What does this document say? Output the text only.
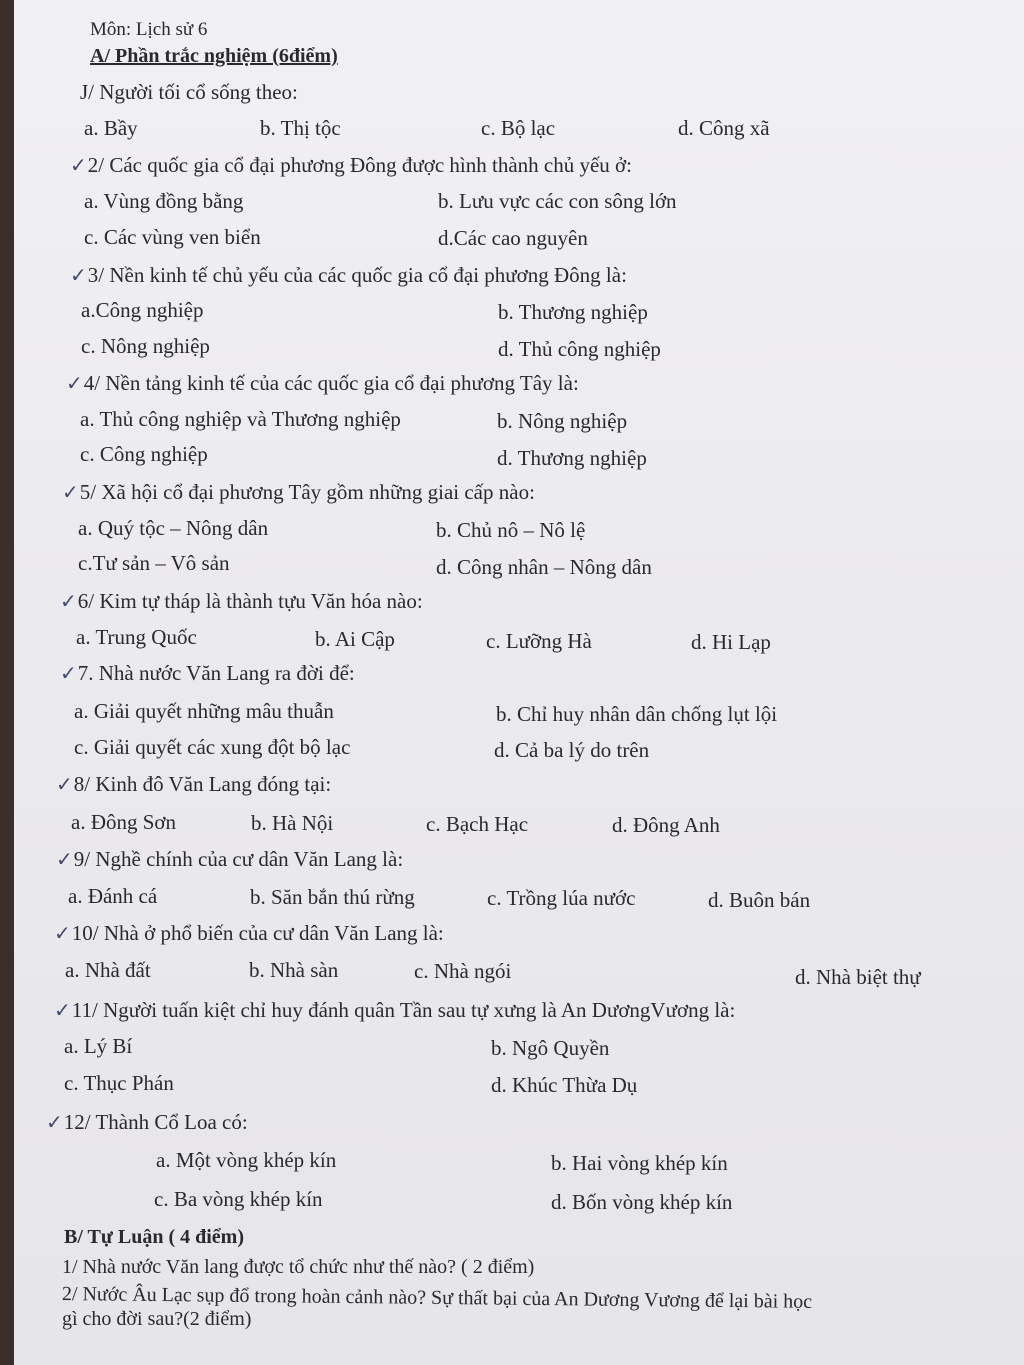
Môn: Lịch sử 6
A/ Phần trắc nghiệm (6điểm)
J/ Người tối cổ sống theo:
a. Bầy	b. Thị tộc	c. Bộ lạc	d. Công xã
✓2/ Các quốc gia cổ đại phương Đông được hình thành chủ yếu ở:
a. Vùng đồng bằng	b. Lưu vực các con sông lớn
c. Các vùng ven biển	d.Các cao nguyên
✓3/ Nền kinh tế chủ yếu của các quốc gia cổ đại phương Đông là:
a.Công nghiệp	b. Thương nghiệp
c. Nông nghiệp	d. Thủ công nghiệp
✓4/ Nền tảng kinh tế của các quốc gia cổ đại phương Tây là:
a. Thủ công nghiệp và Thương nghiệp	b. Nông nghiệp
c. Công nghiệp	d. Thương nghiệp
✓5/ Xã hội cổ đại phương Tây gồm những giai cấp nào:
a. Quý tộc – Nông dân	b. Chủ nô – Nô lệ
c.Tư sản – Vô sản	d. Công nhân – Nông dân
✓6/ Kim tự tháp là thành tựu Văn hóa nào:
a. Trung Quốc	b. Ai Cập	c. Lưỡng Hà	d. Hi Lạp
✓7. Nhà nước Văn Lang ra đời để:
a. Giải quyết những mâu thuẫn	b. Chỉ huy nhân dân chống lụt lội
c. Giải quyết các xung đột bộ lạc	d. Cả ba lý do trên
✓8/ Kinh đô Văn Lang đóng tại:
a. Đông Sơn	b. Hà Nội	c. Bạch Hạc	d. Đông Anh
✓9/ Nghề chính của cư dân Văn Lang là:
a. Đánh cá	b. Săn bắn thú rừng	c. Trồng lúa nước	d. Buôn bán
✓10/ Nhà ở phổ biến của cư dân Văn Lang là:
a. Nhà đất	b. Nhà sàn	c. Nhà ngói	d. Nhà biệt thự
✓11/ Người tuấn kiệt chỉ huy đánh quân Tần sau tự xưng là An DươngVương là:
a. Lý Bí	b. Ngô Quyền
c. Thục Phán	d. Khúc Thừa Dụ
✓12/ Thành Cổ Loa có:
a. Một vòng khép kín	b. Hai vòng khép kín
c. Ba vòng khép kín	d. Bốn vòng khép kín
B/ Tự Luận ( 4 điểm)
1/ Nhà nước Văn lang được tổ chức như thế nào? ( 2 điểm)
2/ Nước Âu Lạc sụp đổ trong hoàn cảnh nào? Sự thất bại của An Dương Vương để lại bài học
gì cho đời sau?(2 điểm)
